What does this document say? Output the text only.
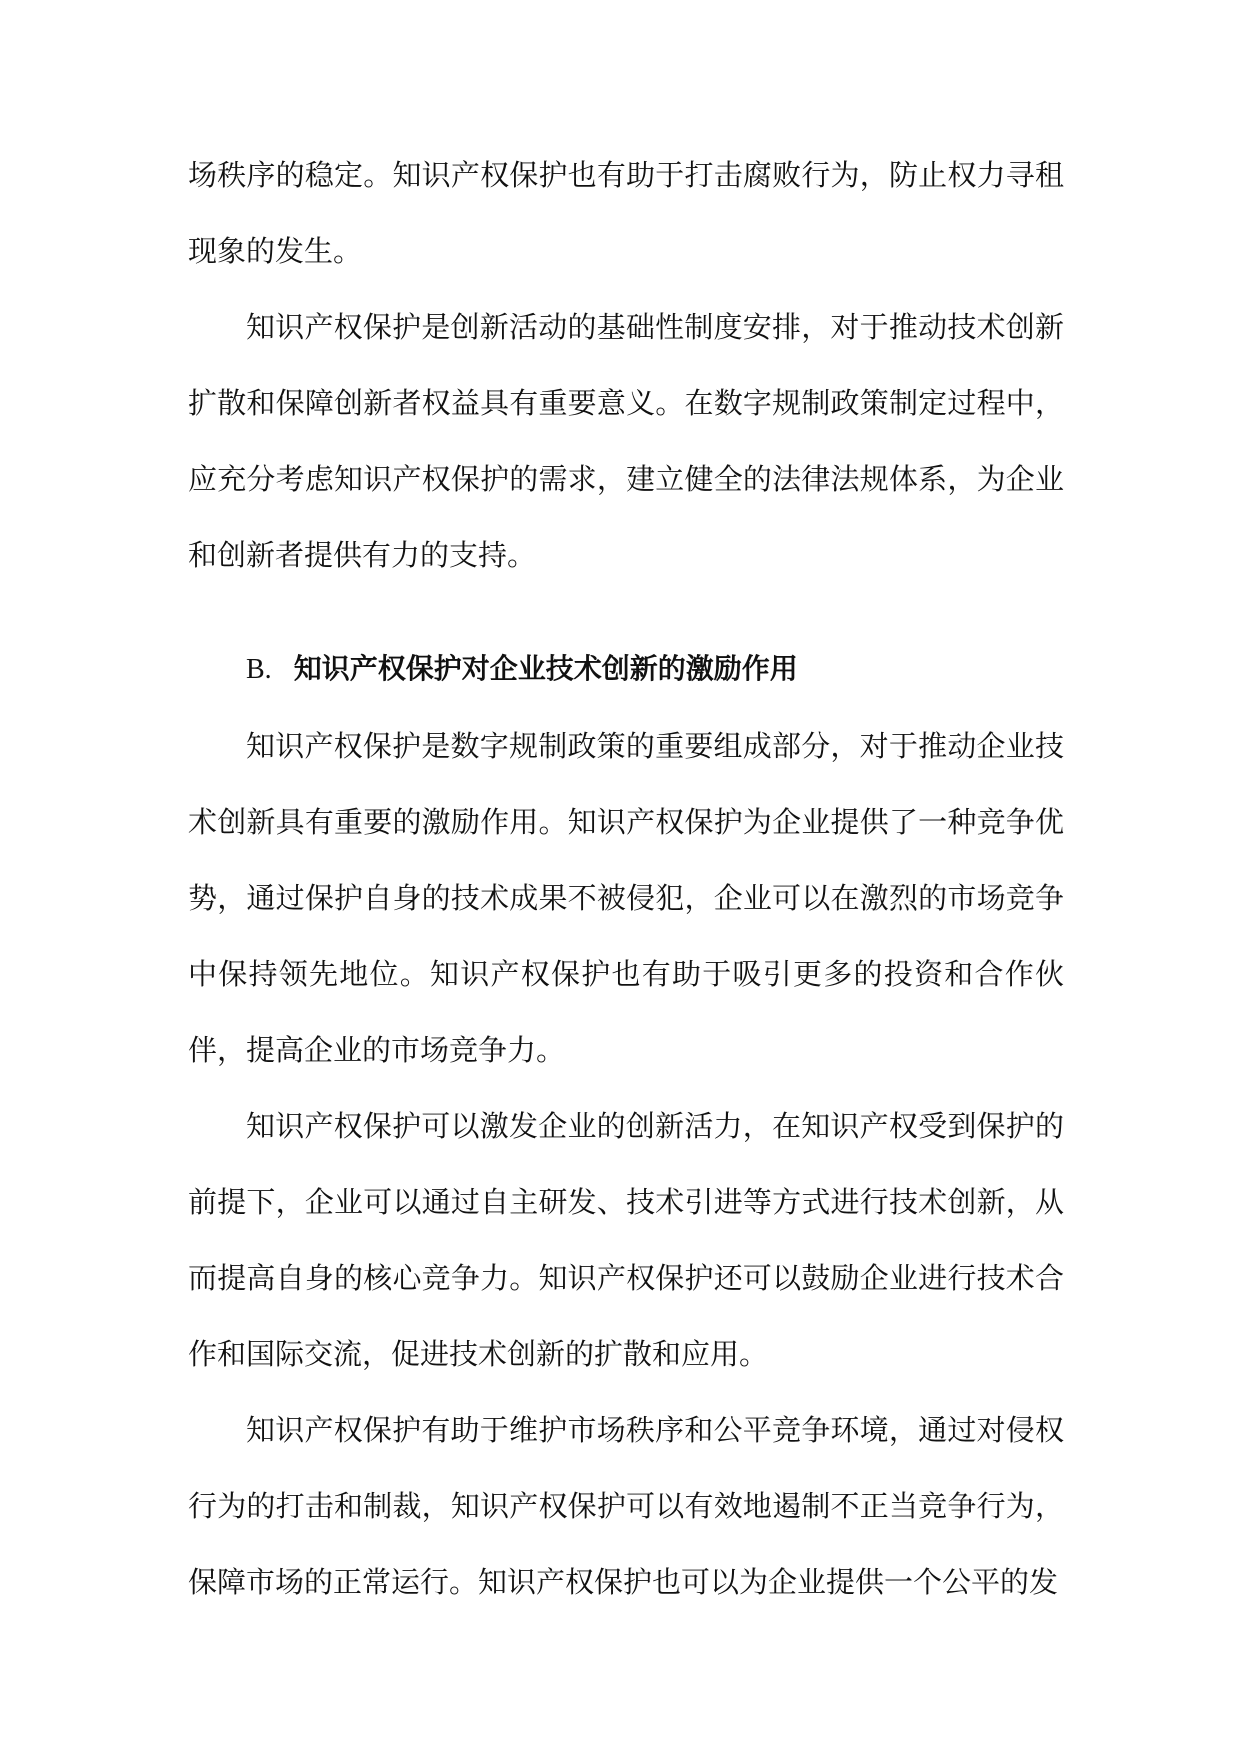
场秩序的稳定。知识产权保护也有助于打击腐败行为，防止权力寻租现象的发生。

知识产权保护是创新活动的基础性制度安排，对于推动技术创新扩散和保障创新者权益具有重要意义。在数字规制政策制定过程中，应充分考虑知识产权保护的需求，建立健全的法律法规体系，为企业和创新者提供有力的支持。

B. 知识产权保护对企业技术创新的激励作用

知识产权保护是数字规制政策的重要组成部分，对于推动企业技术创新具有重要的激励作用。知识产权保护为企业提供了一种竞争优势，通过保护自身的技术成果不被侵犯，企业可以在激烈的市场竞争中保持领先地位。知识产权保护也有助于吸引更多的投资和合作伙伴，提高企业的市场竞争力。

知识产权保护可以激发企业的创新活力，在知识产权受到保护的前提下，企业可以通过自主研发、技术引进等方式进行技术创新，从而提高自身的核心竞争力。知识产权保护还可以鼓励企业进行技术合作和国际交流，促进技术创新的扩散和应用。

知识产权保护有助于维护市场秩序和公平竞争环境，通过对侵权行为的打击和制裁，知识产权保护可以有效地遏制不正当竞争行为，保障市场的正常运行。知识产权保护也可以为企业提供一个公平的发
